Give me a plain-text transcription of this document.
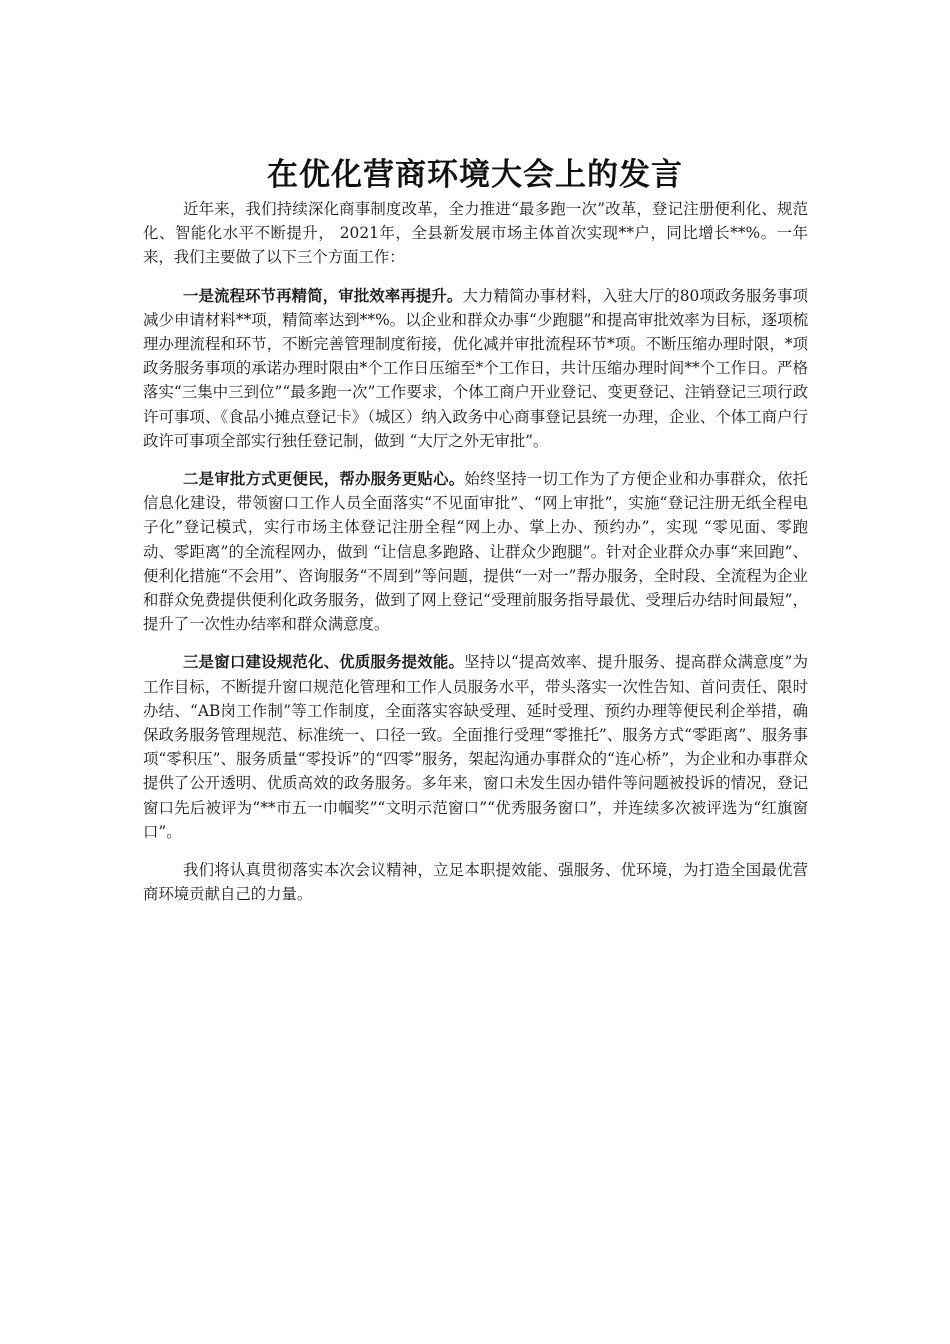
在优化营商环境大会上的发言

近年来，我们持续深化商事制度改革，全力推进“最多跑一次”改革，登记注册便利化、规范化、智能化水平不断提升， 2021年，全县新发展市场主体首次实现**户，同比增长**%。一年来，我们主要做了以下三个方面工作：

一是流程环节再精简，审批效率再提升。大力精简办事材料，入驻大厅的80项政务服务事项减少申请材料**项，精简率达到**%。以企业和群众办事“少跑腿”和提高审批效率为目标，逐项梳理办理流程和环节，不断完善管理制度衔接，优化减并审批流程环节*项。不断压缩办理时限，*项政务服务事项的承诺办理时限由*个工作日压缩至*个工作日，共计压缩办理时间**个工作日。严格落实“三集中三到位”“最多跑一次”工作要求，个体工商户开业登记、变更登记、注销登记三项行政许可事项、《食品小摊点登记卡》（城区）纳入政务中心商事登记县统一办理，企业、个体工商户行政许可事项全部实行独任登记制，做到 “大厅之外无审批”。

二是审批方式更便民，帮办服务更贴心。始终坚持一切工作为了方便企业和办事群众，依托信息化建设，带领窗口工作人员全面落实“不见面审批”、“网上审批”，实施“登记注册无纸全程电子化”登记模式，实行市场主体登记注册全程“网上办、掌上办、预约办”，实现 “零见面、零跑动、零距离”的全流程网办，做到 “让信息多跑路、让群众少跑腿”。针对企业群众办事“来回跑”、便利化措施“不会用”、咨询服务“不周到”等问题，提供“一对一”帮办服务，全时段、全流程为企业和群众免费提供便利化政务服务，做到了网上登记“受理前服务指导最优、受理后办结时间最短”，提升了一次性办结率和群众满意度。

三是窗口建设规范化、优质服务提效能。坚持以“提高效率、提升服务、提高群众满意度”为工作目标，不断提升窗口规范化管理和工作人员服务水平，带头落实一次性告知、首问责任、限时办结、“AB岗工作制”等工作制度，全面落实容缺受理、延时受理、预约办理等便民利企举措，确保政务服务管理规范、标准统一、口径一致。全面推行受理“零推托”、服务方式“零距离”、服务事项“零积压”、服务质量“零投诉”的“四零”服务，架起沟通办事群众的“连心桥”，为企业和办事群众提供了公开透明、优质高效的政务服务。多年来，窗口未发生因办错件等问题被投诉的情况，登记窗口先后被评为“**市五一巾帼奖”“文明示范窗口”“优秀服务窗口”，并连续多次被评选为“红旗窗口”。

我们将认真贯彻落实本次会议精神，立足本职提效能、强服务、优环境，为打造全国最优营商环境贡献自己的力量。
